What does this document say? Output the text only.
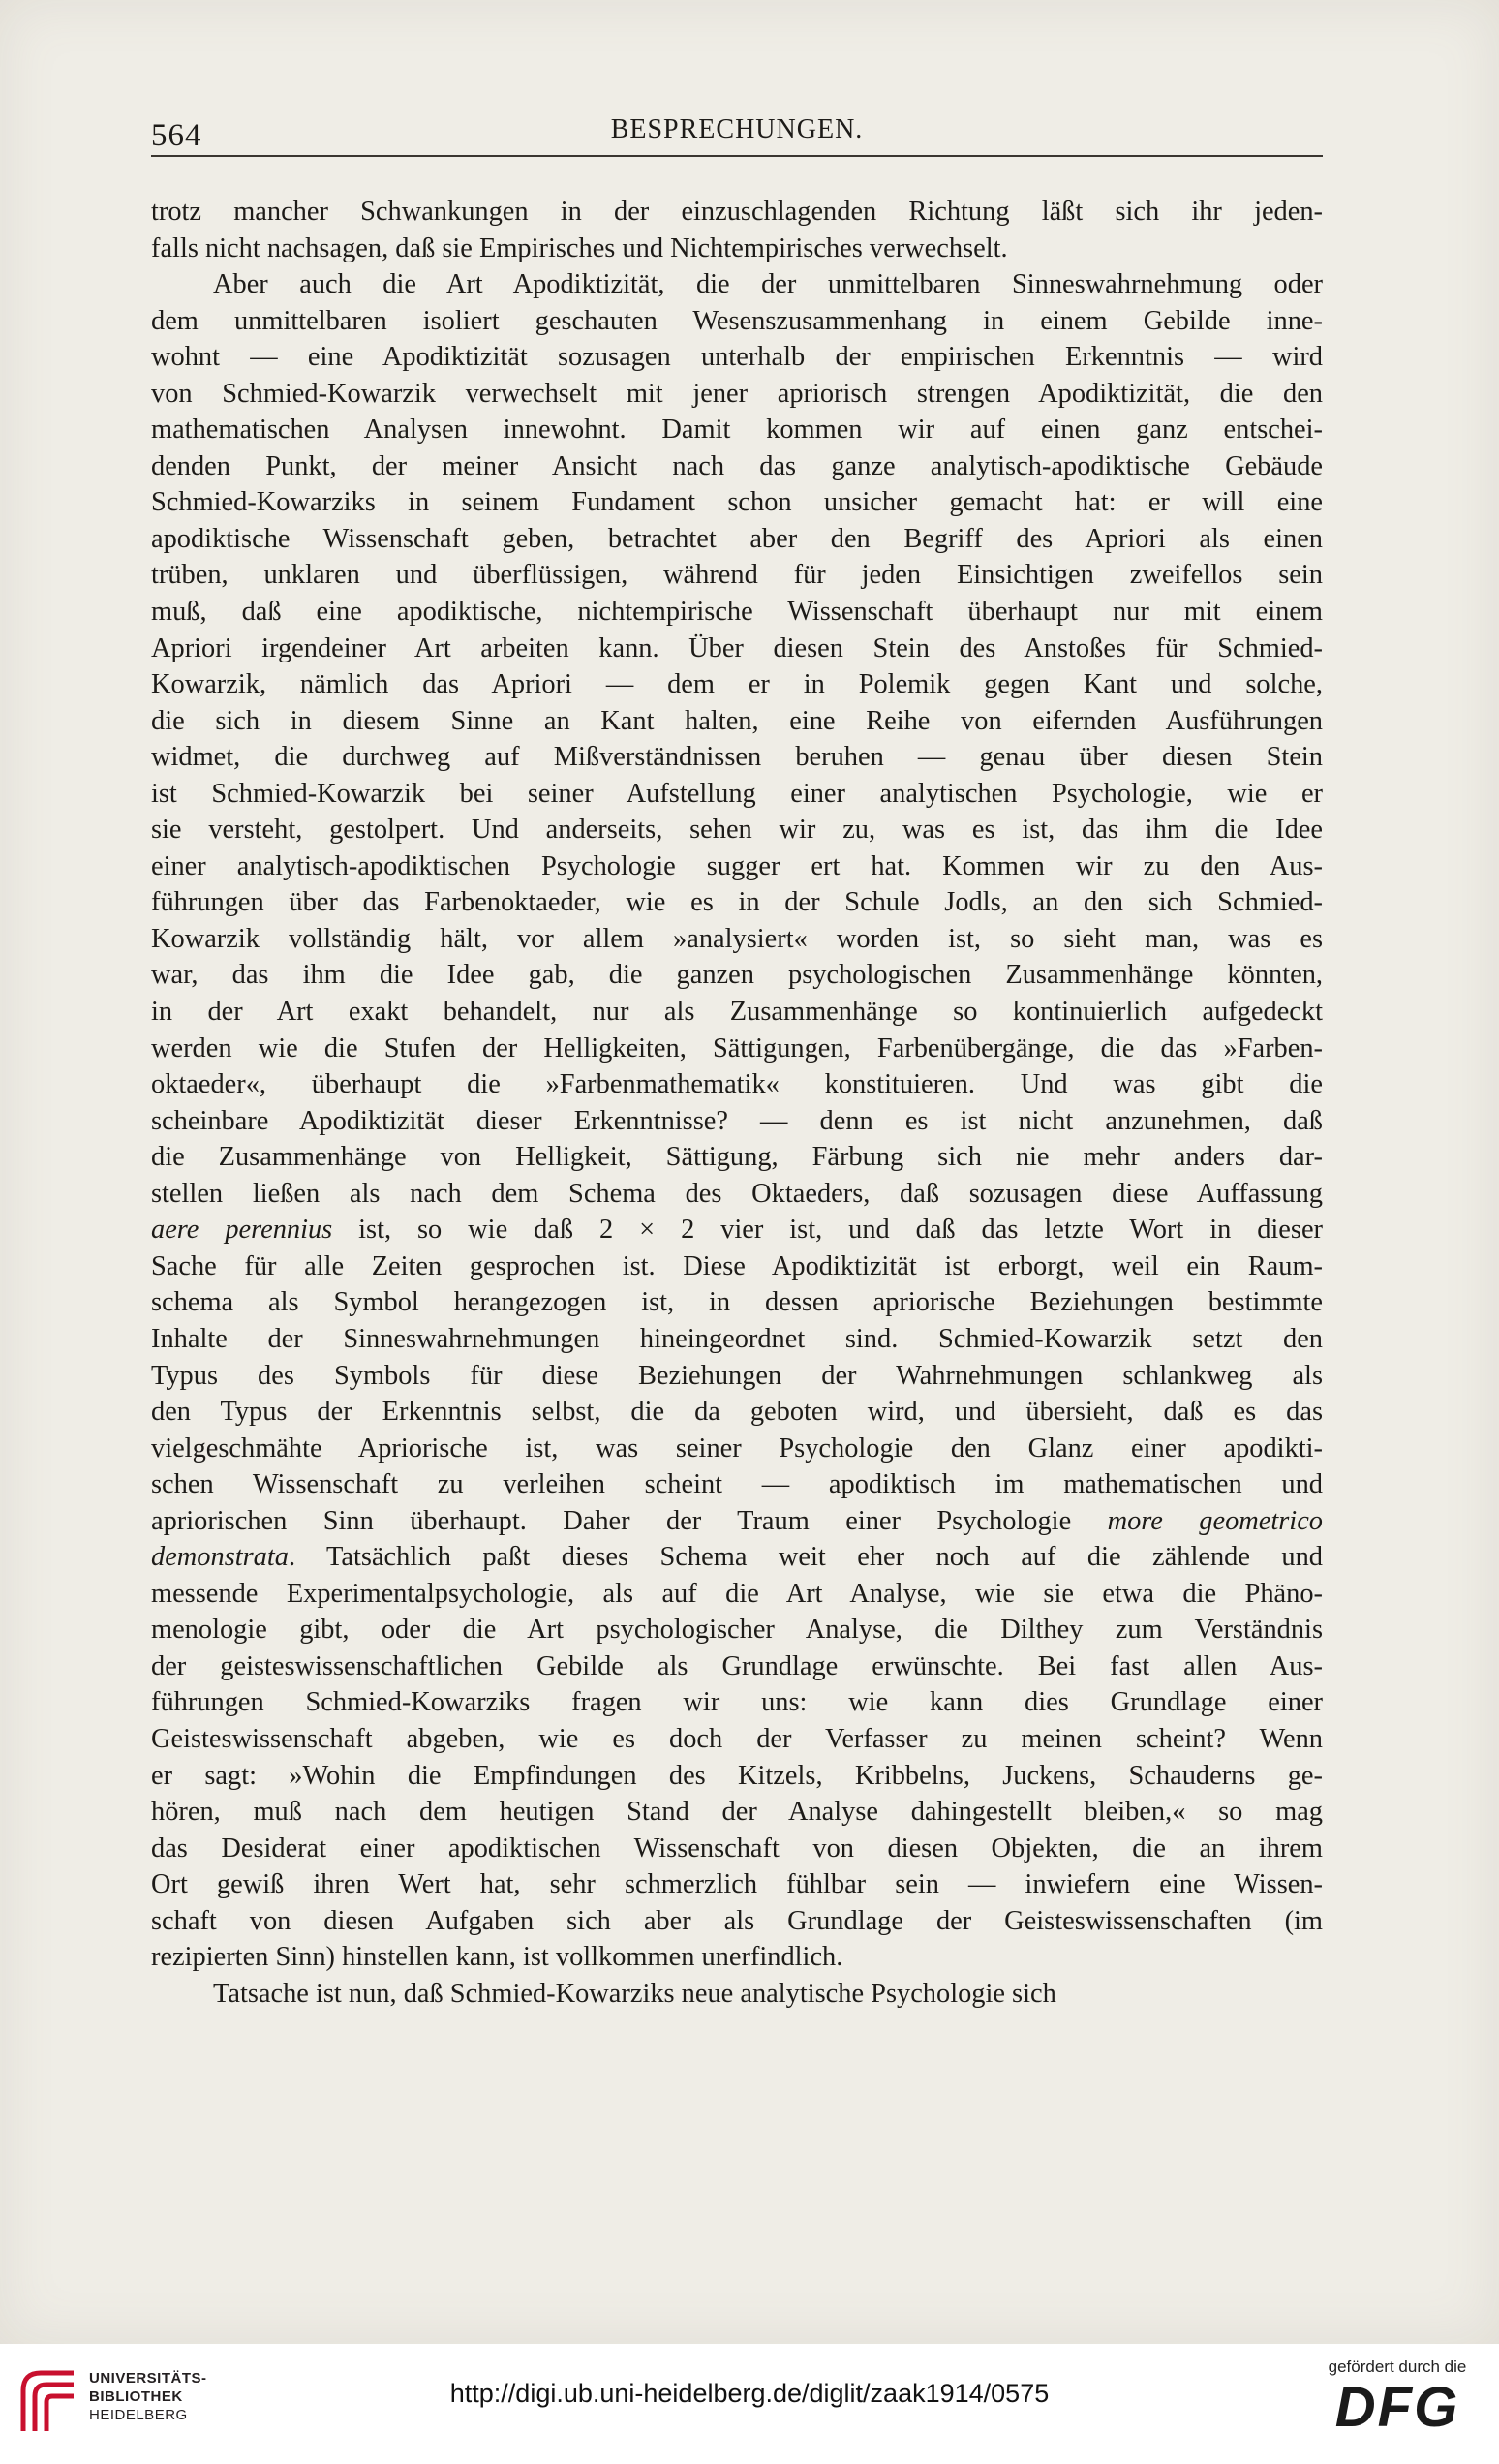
564	BESPRECHUNGEN.
trotz mancher Schwankungen in der einzuschlagenden Richtung läßt sich ihr jeden-
falls nicht nachsagen, daß sie Empirisches und Nichtempirisches verwechselt.
Aber auch die Art Apodiktizität, die der unmittelbaren Sinneswahrnehmung oder
dem unmittelbaren isoliert geschauten Wesenszusammenhang in einem Gebilde inne-
wohnt — eine Apodiktizität sozusagen unterhalb der empirischen Erkenntnis — wird
von Schmied-Kowarzik verwechselt mit jener apriorisch strengen Apodiktizität, die den
mathematischen Analysen innewohnt. Damit kommen wir auf einen ganz entschei-
denden Punkt, der meiner Ansicht nach das ganze analytisch-apodiktische Gebäude
Schmied-Kowarziks in seinem Fundament schon unsicher gemacht hat: er will eine
apodiktische Wissenschaft geben, betrachtet aber den Begriff des Apriori als einen
trüben, unklaren und überflüssigen, während für jeden Einsichtigen zweifellos sein
muß, daß eine apodiktische, nichtempirische Wissenschaft überhaupt nur mit einem
Apriori irgendeiner Art arbeiten kann. Über diesen Stein des Anstoßes für Schmied-
Kowarzik, nämlich das Apriori — dem er in Polemik gegen Kant und solche,
die sich in diesem Sinne an Kant halten, eine Reihe von eifernden Ausführungen
widmet, die durchweg auf Mißverständnissen beruhen — genau über diesen Stein
ist Schmied-Kowarzik bei seiner Aufstellung einer analytischen Psychologie, wie er
sie versteht, gestolpert. Und anderseits, sehen wir zu, was es ist, das ihm die Idee
einer analytisch-apodiktischen Psychologie sugger ert hat. Kommen wir zu den Aus-
führungen über das Farbenoktaeder, wie es in der Schule Jodls, an den sich Schmied-
Kowarzik vollständig hält, vor allem »analysiert« worden ist, so sieht man, was es
war, das ihm die Idee gab, die ganzen psychologischen Zusammenhänge könnten,
in der Art exakt behandelt, nur als Zusammenhänge so kontinuierlich aufgedeckt
werden wie die Stufen der Helligkeiten, Sättigungen, Farbenübergänge, die das »Farben-
oktaeder«, überhaupt die »Farbenmathematik« konstituieren. Und was gibt die
scheinbare Apodiktizität dieser Erkenntnisse? — denn es ist nicht anzunehmen, daß
die Zusammenhänge von Helligkeit, Sättigung, Färbung sich nie mehr anders dar-
stellen ließen als nach dem Schema des Oktaeders, daß sozusagen diese Auffassung
aere perennius ist, so wie daß 2 × 2 vier ist, und daß das letzte Wort in dieser
Sache für alle Zeiten gesprochen ist. Diese Apodiktizität ist erborgt, weil ein Raum-
schema als Symbol herangezogen ist, in dessen apriorische Beziehungen bestimmte
Inhalte der Sinneswahrnehmungen hineingeordnet sind. Schmied-Kowarzik setzt den
Typus des Symbols für diese Beziehungen der Wahrnehmungen schlankweg als
den Typus der Erkenntnis selbst, die da geboten wird, und übersieht, daß es das
vielgeschmähte Apriorische ist, was seiner Psychologie den Glanz einer apodikti-
schen Wissenschaft zu verleihen scheint — apodiktisch im mathematischen und
apriorischen Sinn überhaupt. Daher der Traum einer Psychologie more geometrico
demonstrata. Tatsächlich paßt dieses Schema weit eher noch auf die zählende und
messende Experimentalpsychologie, als auf die Art Analyse, wie sie etwa die Phäno-
menologie gibt, oder die Art psychologischer Analyse, die Dilthey zum Verständnis
der geisteswissenschaftlichen Gebilde als Grundlage erwünschte. Bei fast allen Aus-
führungen Schmied-Kowarziks fragen wir uns: wie kann dies Grundlage einer
Geisteswissenschaft abgeben, wie es doch der Verfasser zu meinen scheint? Wenn
er sagt: »Wohin die Empfindungen des Kitzels, Kribbelns, Juckens, Schauderns ge-
hören, muß nach dem heutigen Stand der Analyse dahingestellt bleiben,« so mag
das Desiderat einer apodiktischen Wissenschaft von diesen Objekten, die an ihrem
Ort gewiß ihren Wert hat, sehr schmerzlich fühlbar sein — inwiefern eine Wissen-
schaft von diesen Aufgaben sich aber als Grundlage der Geisteswissenschaften (im
rezipierten Sinn) hinstellen kann, ist vollkommen unerfindlich.
Tatsache ist nun, daß Schmied-Kowarziks neue analytische Psychologie sich
UNIVERSITÄTS-
BIBLIOTHEK
HEIDELBERG
http://digi.ub.uni-heidelberg.de/diglit/zaak1914/0575
gefördert durch die
DFG
